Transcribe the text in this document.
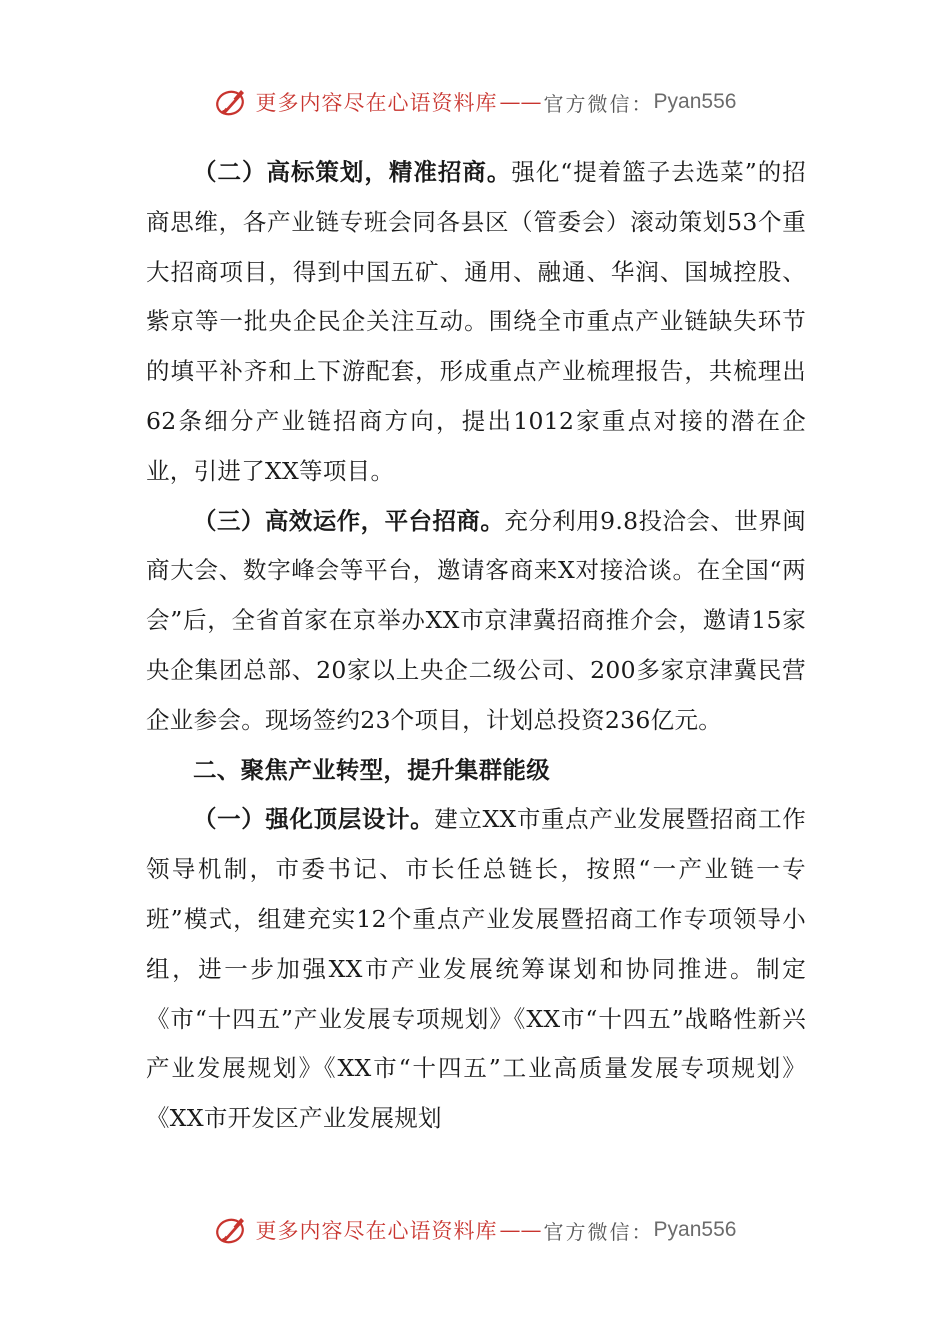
更多内容尽在心语资料库 —— 官方微信： Pyan556

（二）高标策划，精准招商。强化“提着篮子去选菜”的招商思维，各产业链专班会同各县区（管委会）滚动策划53个重大招商项目，得到中国五矿、通用、融通、华润、国城控股、紫京等一批央企民企关注互动。围绕全市重点产业链缺失环节的填平补齐和上下游配套，形成重点产业梳理报告，共梳理出62条细分产业链招商方向，提出1012家重点对接的潜在企业，引进了XX等项目。

（三）高效运作，平台招商。充分利用9.8投洽会、世界闽商大会、数字峰会等平台，邀请客商来X对接洽谈。在全国“两会”后，全省首家在京举办XX市京津冀招商推介会，邀请15家央企集团总部、20家以上央企二级公司、200多家京津冀民营企业参会。现场签约23个项目，计划总投资236亿元。

二、聚焦产业转型，提升集群能级

（一）强化顶层设计。建立XX市重点产业发展暨招商工作领导机制，市委书记、市长任总链长，按照“一产业链一专班”模式，组建充实12个重点产业发展暨招商工作专项领导小组，进一步加强XX市产业发展统筹谋划和协同推进。制定《市“十四五”产业发展专项规划》《XX市“十四五”战略性新兴产业发展规划》《XX市“十四五”工业高质量发展专项规划》《XX市开发区产业发展规划

更多内容尽在心语资料库 —— 官方微信： Pyan556
